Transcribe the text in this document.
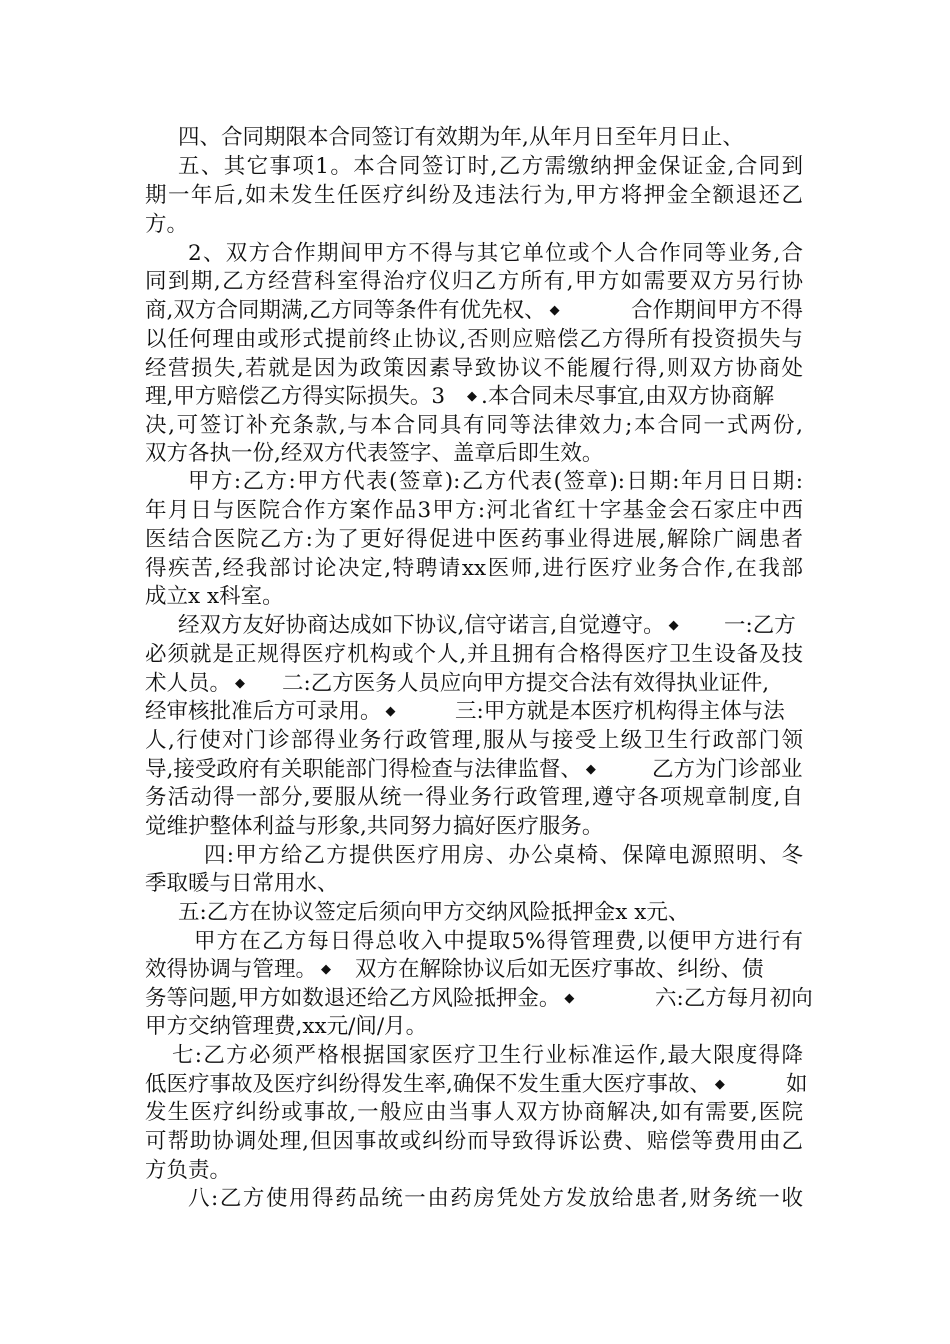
四、合同期限本合同签订有效期为年,从年月日至年月日止、
五、其它事项1。本合同签订时,乙方需缴纳押金保证金,合同到
期一年后,如未发生任医疗纠纷及违法行为,甲方将押金全额退还乙
方。
2、双方合作期间甲方不得与其它单位或个人合作同等业务,合
同到期,乙方经营科室得治疗仪归乙方所有,甲方如需要双方另行协
商,双方合同期满,乙方同等条件有优先权、 ◆	合作期间甲方不得
以任何理由或形式提前终止协议,否则应赔偿乙方得所有投资损失与
经营损失,若就是因为政策因素导致协议不能履行得,则双方协商处
理,甲方赔偿乙方得实际损失。3 ◆ .本合同未尽事宜,由双方协商解
决,可签订补充条款,与本合同具有同等法律效力;本合同一式两份,
双方各执一份,经双方代表签字、盖章后即生效。
甲方:乙方:甲方代表(签章):乙方代表(签章):日期:年月日日期:
年月日与医院合作方案作品3甲方:河北省红十字基金会石家庄中西
医结合医院乙方:为了更好得促进中医药事业得进展,解除广阔患者
得疾苦,经我部讨论决定,特聘请xx医师,进行医疗业务合作,在我部
成立x x科室。
经双方友好协商达成如下协议,信守诺言,自觉遵守。 ◆ 一:乙方
必须就是正规得医疗机构或个人,并且拥有合格得医疗卫生设备及技
术人员。 ◆ 二:乙方医务人员应向甲方提交合法有效得执业证件,
经审核批准后方可录用。 ◆	三:甲方就是本医疗机构得主体与法
人,行使对门诊部得业务行政管理,服从与接受上级卫生行政部门领
导,接受政府有关职能部门得检查与法律监督、 ◆	乙方为门诊部业
务活动得一部分,要服从统一得业务行政管理,遵守各项规章制度,自
觉维护整体利益与形象,共同努力搞好医疗服务。
四:甲方给乙方提供医疗用房、办公桌椅、保障电源照明、冬
季取暖与日常用水、
五:乙方在协议签定后须向甲方交纳风险抵押金x x元、
甲方在乙方每日得总收入中提取5%得管理费,以便甲方进行有
效得协调与管理。 ◆ 双方在解除协议后如无医疗事故、纠纷、债
务等问题,甲方如数退还给乙方风险抵押金。 ◆	六:乙方每月初向
甲方交纳管理费,xx元/间/月。
七:乙方必须严格根据国家医疗卫生行业标准运作,最大限度得降
低医疗事故及医疗纠纷得发生率,确保不发生重大医疗事故、 ◆	如
发生医疗纠纷或事故,一般应由当事人双方协商解决,如有需要,医院
可帮助协调处理,但因事故或纠纷而导致得诉讼费、赔偿等费用由乙
方负责。
八:乙方使用得药品统一由药房凭处方发放给患者,财务统一收
